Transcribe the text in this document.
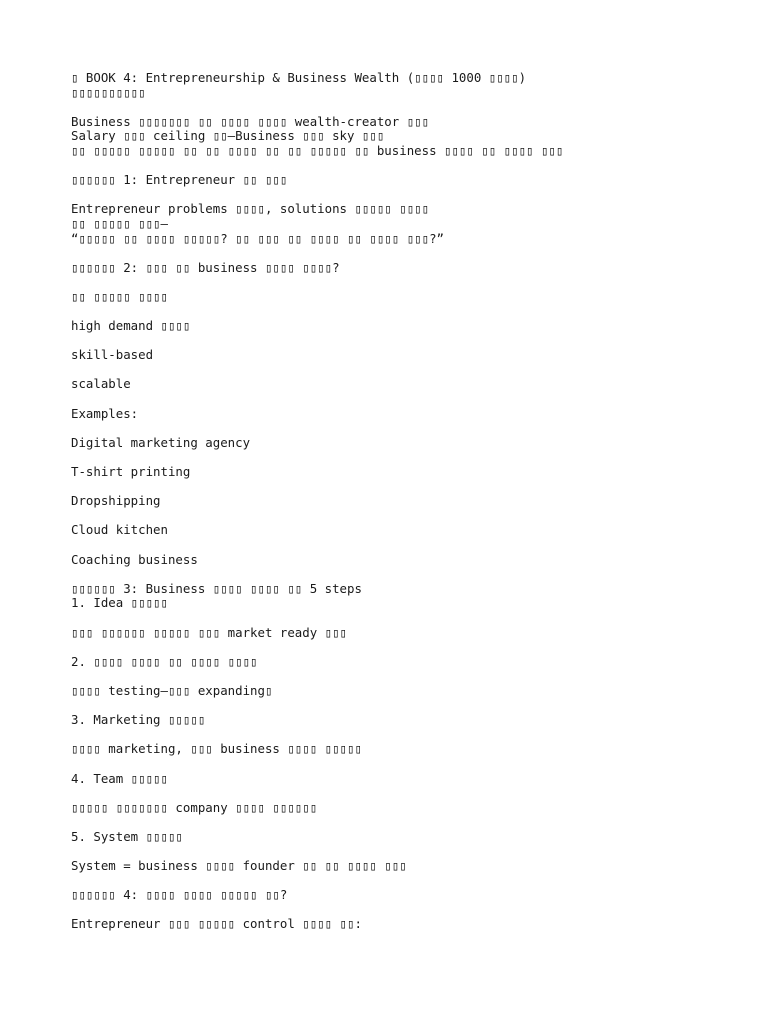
▯ BOOK 4: Entrepreneurship & Business Wealth (▯▯▯▯ 1000 ▯▯▯▯)
▯▯▯▯▯▯▯▯▯▯
Business ▯▯▯▯▯▯▯ ▯▯ ▯▯▯▯ ▯▯▯▯ wealth-creator ▯▯▯
Salary ▯▯▯ ceiling ▯▯—Business ▯▯▯ sky ▯▯▯
▯▯ ▯▯▯▯▯ ▯▯▯▯▯ ▯▯ ▯▯ ▯▯▯▯ ▯▯ ▯▯ ▯▯▯▯▯ ▯▯ business ▯▯▯▯ ▯▯ ▯▯▯▯ ▯▯▯
▯▯▯▯▯▯ 1: Entrepreneur ▯▯ ▯▯▯
Entrepreneur problems ▯▯▯▯, solutions ▯▯▯▯▯ ▯▯▯▯
▯▯ ▯▯▯▯▯ ▯▯▯—
“▯▯▯▯▯ ▯▯ ▯▯▯▯ ▯▯▯▯▯? ▯▯ ▯▯▯ ▯▯ ▯▯▯▯ ▯▯ ▯▯▯▯ ▯▯▯?”
▯▯▯▯▯▯ 2: ▯▯▯ ▯▯ business ▯▯▯▯ ▯▯▯▯?
▯▯ ▯▯▯▯▯ ▯▯▯▯
high demand ▯▯▯▯
skill-based
scalable
Examples:
Digital marketing agency
T-shirt printing
Dropshipping
Cloud kitchen
Coaching business
▯▯▯▯▯▯ 3: Business ▯▯▯▯ ▯▯▯▯ ▯▯ 5 steps
1. Idea ▯▯▯▯▯
▯▯▯ ▯▯▯▯▯▯ ▯▯▯▯▯ ▯▯▯ market ready ▯▯▯
2. ▯▯▯▯ ▯▯▯▯ ▯▯ ▯▯▯▯ ▯▯▯▯
▯▯▯▯ testing—▯▯▯ expanding▯
3. Marketing ▯▯▯▯▯
▯▯▯▯ marketing, ▯▯▯ business ▯▯▯▯ ▯▯▯▯▯
4. Team ▯▯▯▯▯
▯▯▯▯▯ ▯▯▯▯▯▯▯ company ▯▯▯▯ ▯▯▯▯▯▯
5. System ▯▯▯▯▯
System = business ▯▯▯▯ founder ▯▯ ▯▯ ▯▯▯▯ ▯▯▯
▯▯▯▯▯▯ 4: ▯▯▯▯ ▯▯▯▯ ▯▯▯▯▯ ▯▯?
Entrepreneur ▯▯▯ ▯▯▯▯▯ control ▯▯▯▯ ▯▯:
